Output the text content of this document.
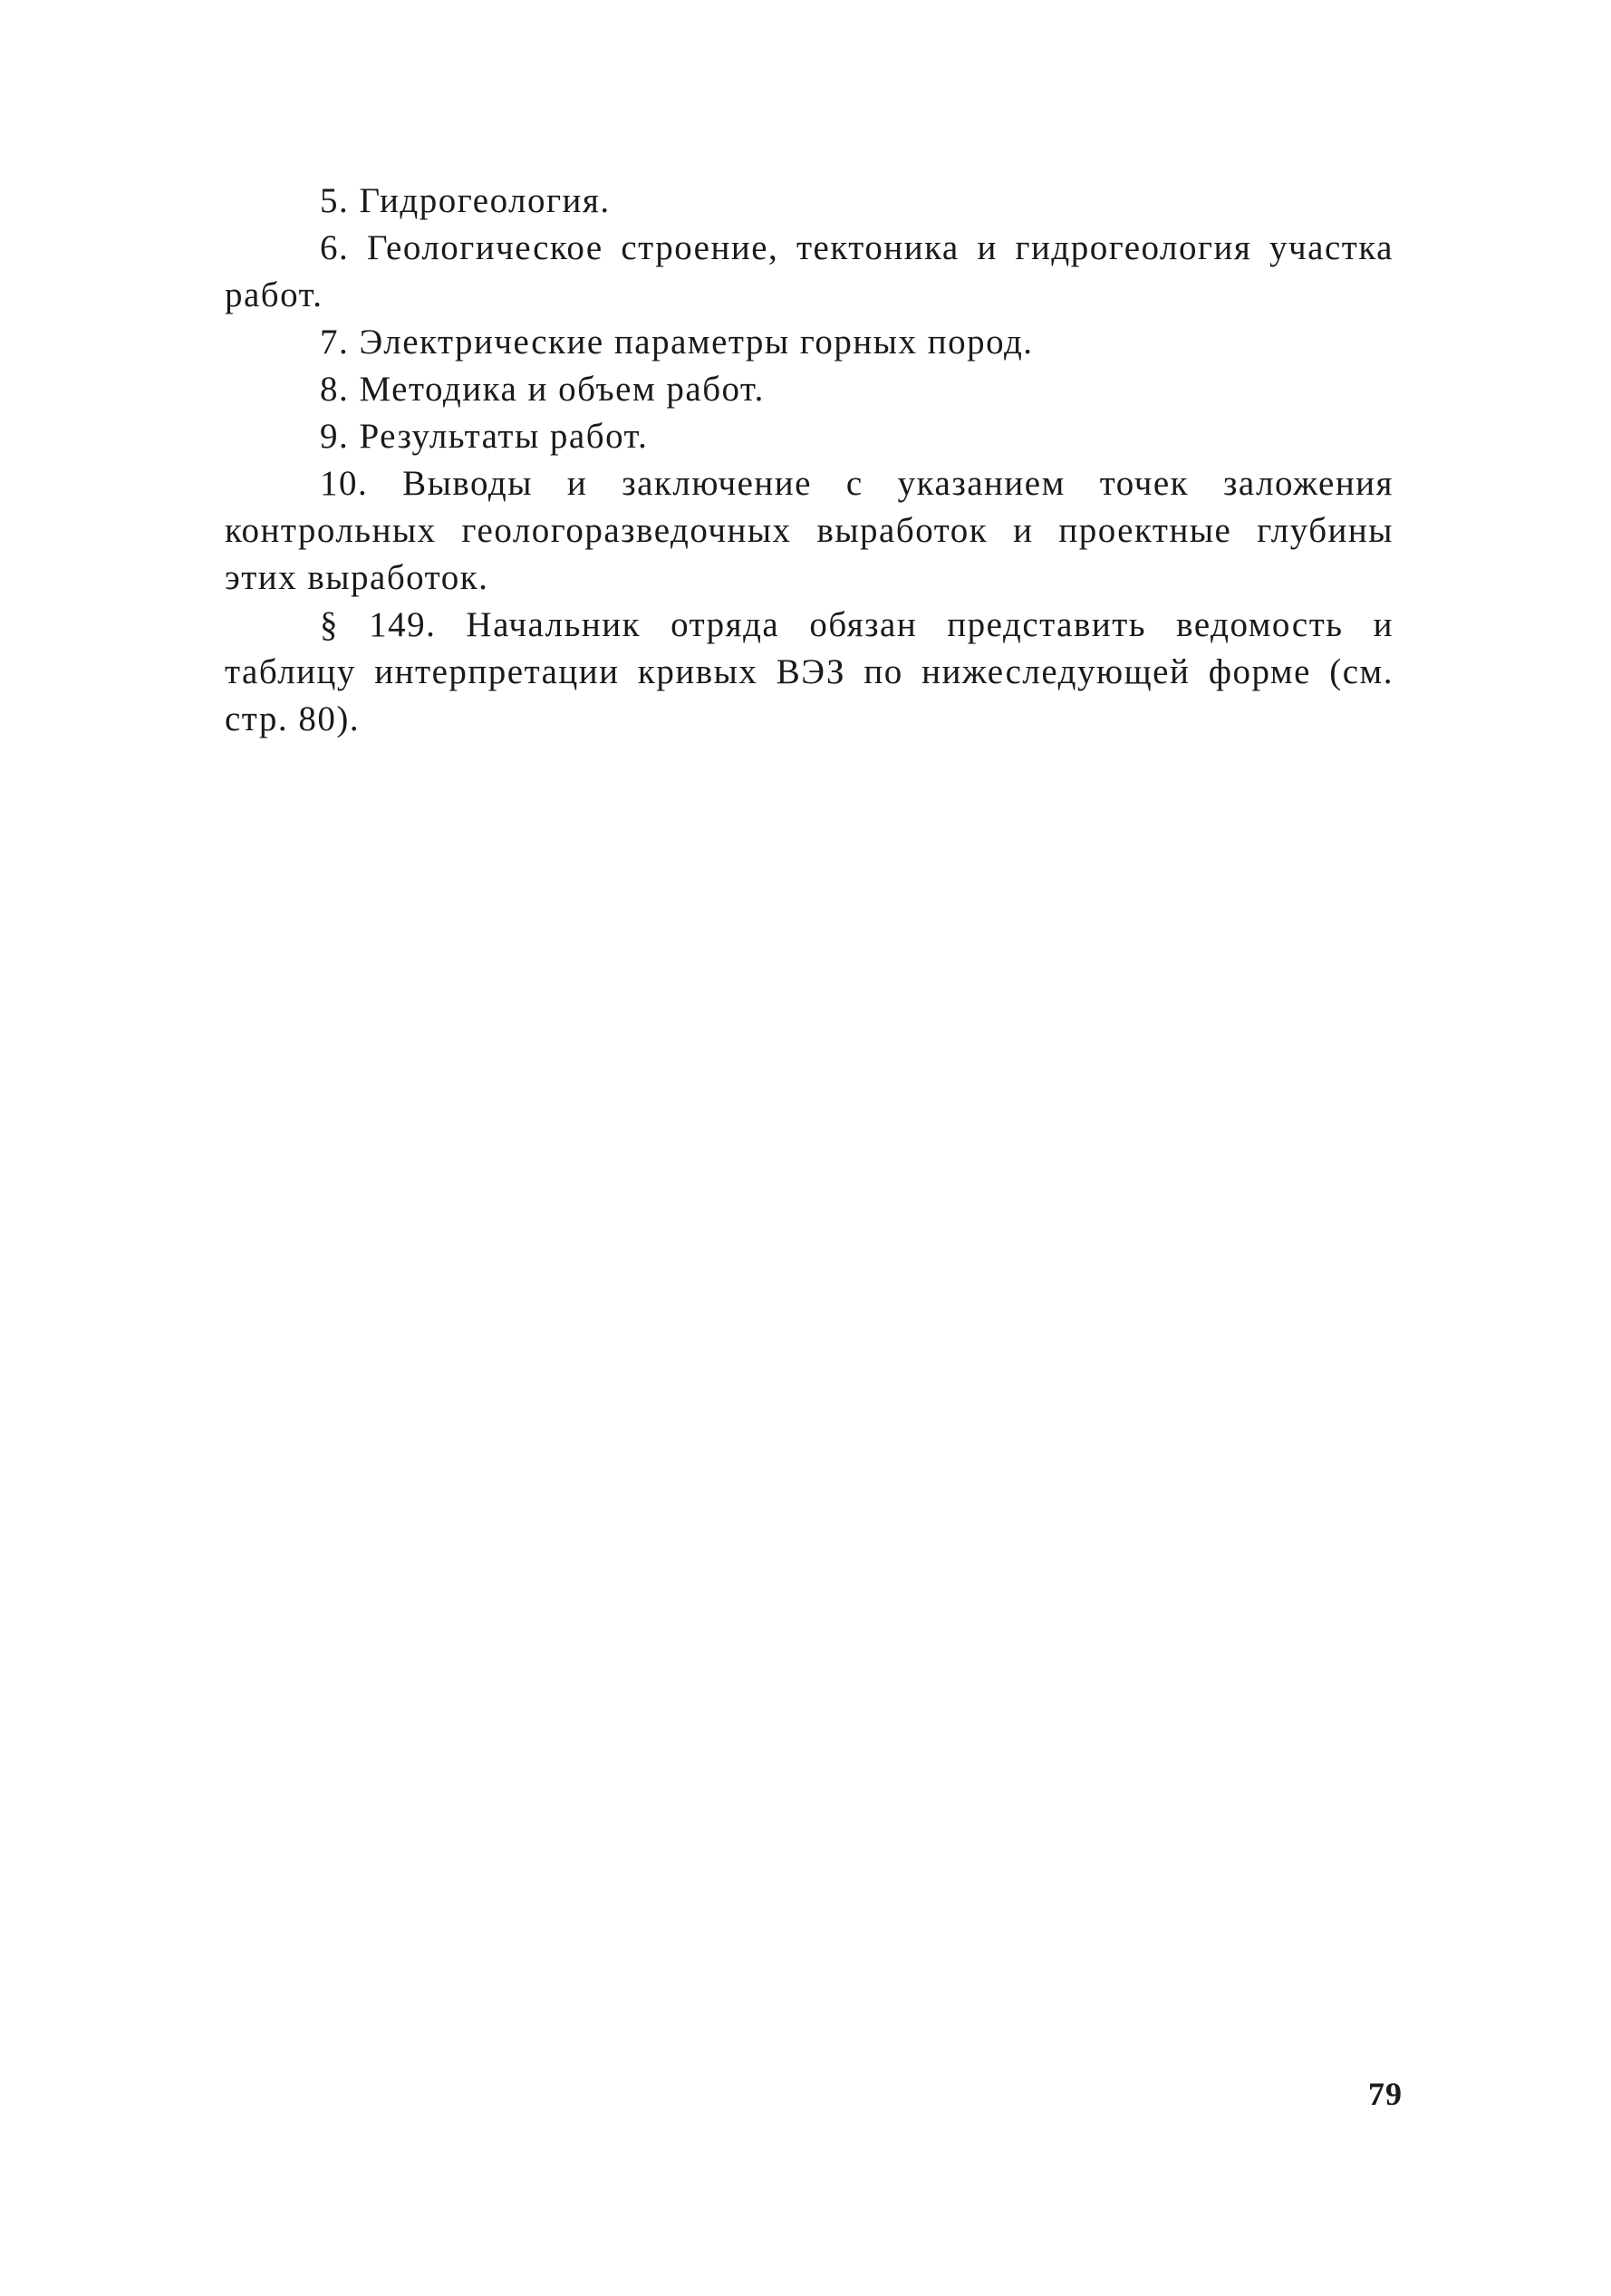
5. Гидрогеология.

6. Геологическое строение, тектоника и гидрогеология участка работ.

7. Электрические параметры горных пород.

8. Методика и объем работ.

9. Результаты работ.

10. Выводы и заключение с указанием точек заложения контрольных геологоразведочных выработок и проектные глубины этих выработок.

§ 149. Начальник отряда обязан представить ведомость и таблицу интерпретации кривых ВЭЗ по нижеследующей форме (см. стр. 80).

79
